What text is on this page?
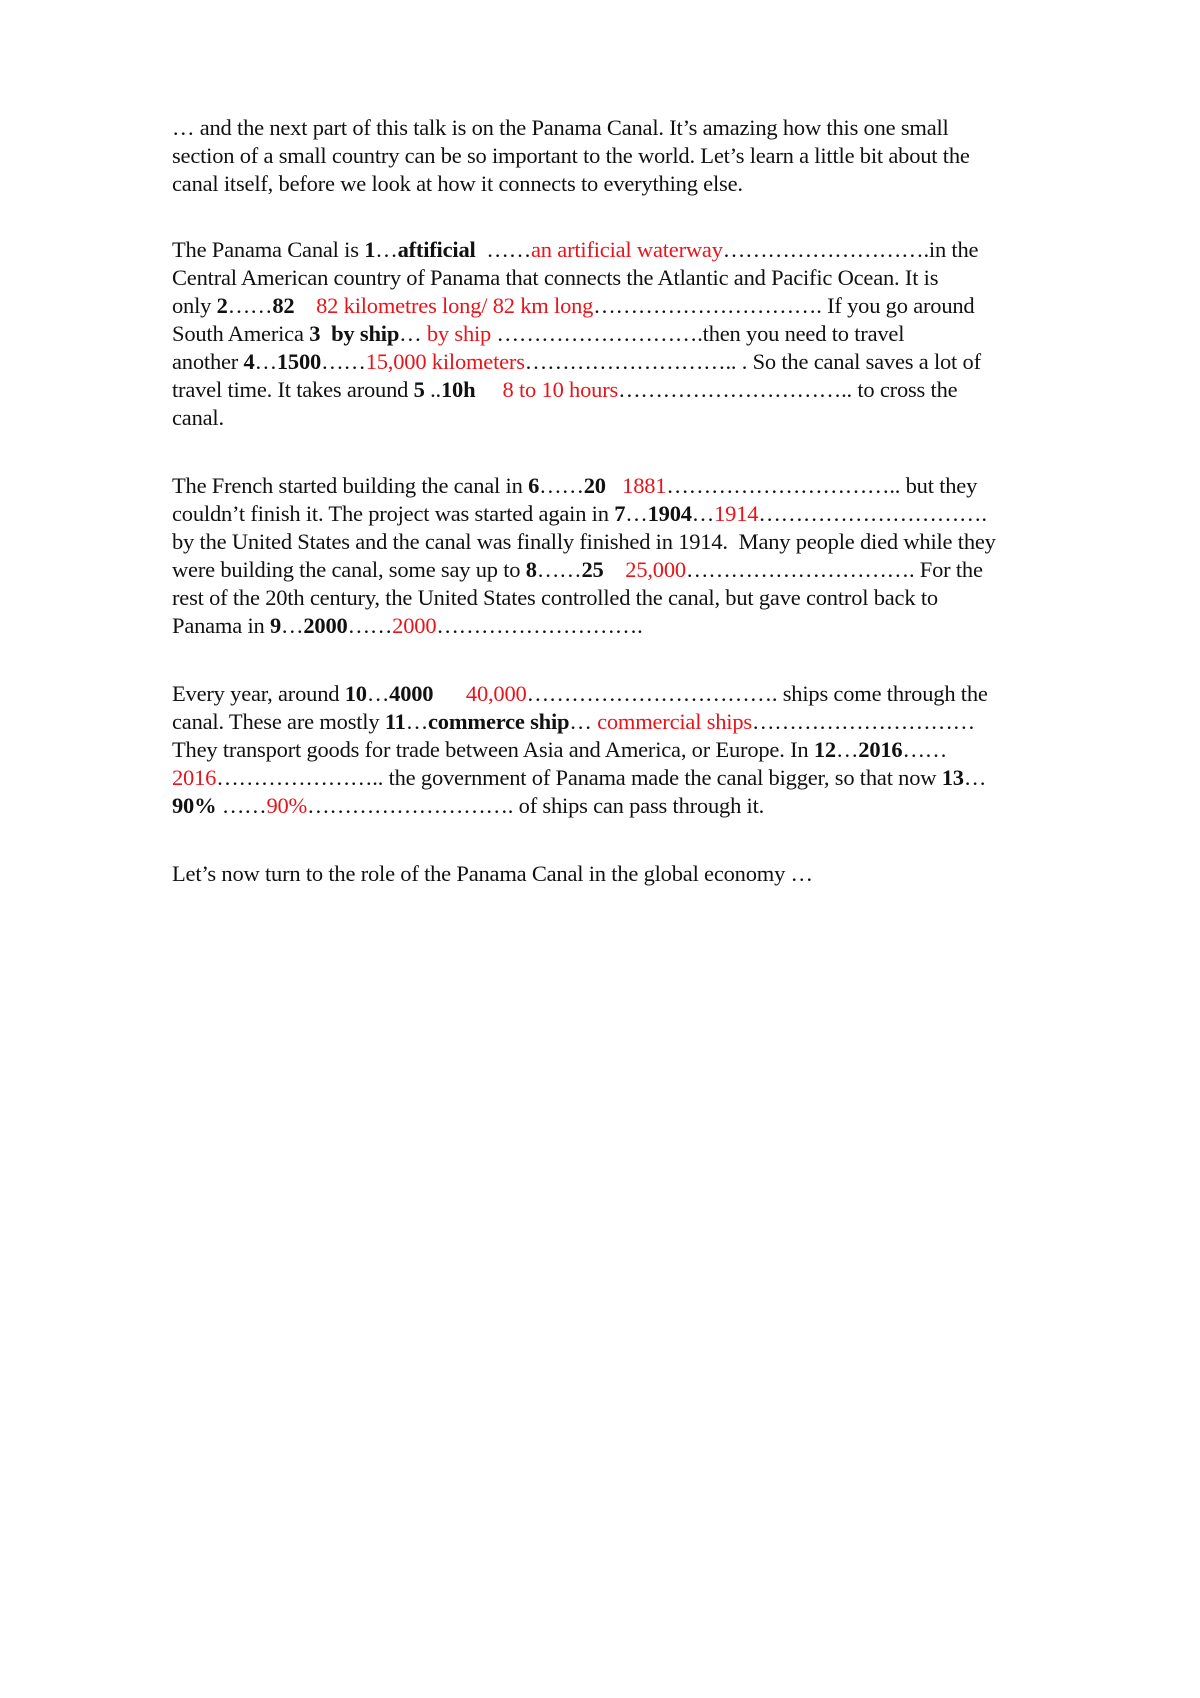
… and the next part of this talk is on the Panama Canal. It’s amazing how this one small
section of a small country can be so important to the world. Let’s learn a little bit about the
canal itself, before we look at how it connects to everything else.
The Panama Canal is 1…aftificial  ……an artificial waterway……………………….in the
Central American country of Panama that connects the Atlantic and Pacific Ocean. It is
only 2……82 82 kilometres long/ 82 km long…………………………. If you go around
South America 3 by ship… by ship ……………………….then you need to travel
another 4…1500……15,000 kilometers……………………….. . So the canal saves a lot of
travel time. It takes around 5 ..10h 8 to 10 hours………………………….. to cross the
canal.
The French started building the canal in 6……20 1881………………………….. but they
couldn’t finish it. The project was started again in 7…1904…1914………………………….
by the United States and the canal was finally finished in 1914.  Many people died while they
were building the canal, some say up to 8……25 25,000…………………………. For the
rest of the 20th century, the United States controlled the canal, but gave control back to
Panama in 9…2000……2000……………………….
Every year, around 10…4000 40,000……………………………. ships come through the
canal. These are mostly 11…commerce ship… commercial ships…………………………
They transport goods for trade between Asia and America, or Europe. In 12…2016……
2016………………….. the government of Panama made the canal bigger, so that now 13…
90% ……90%………………………. of ships can pass through it.
Let’s now turn to the role of the Panama Canal in the global economy …
